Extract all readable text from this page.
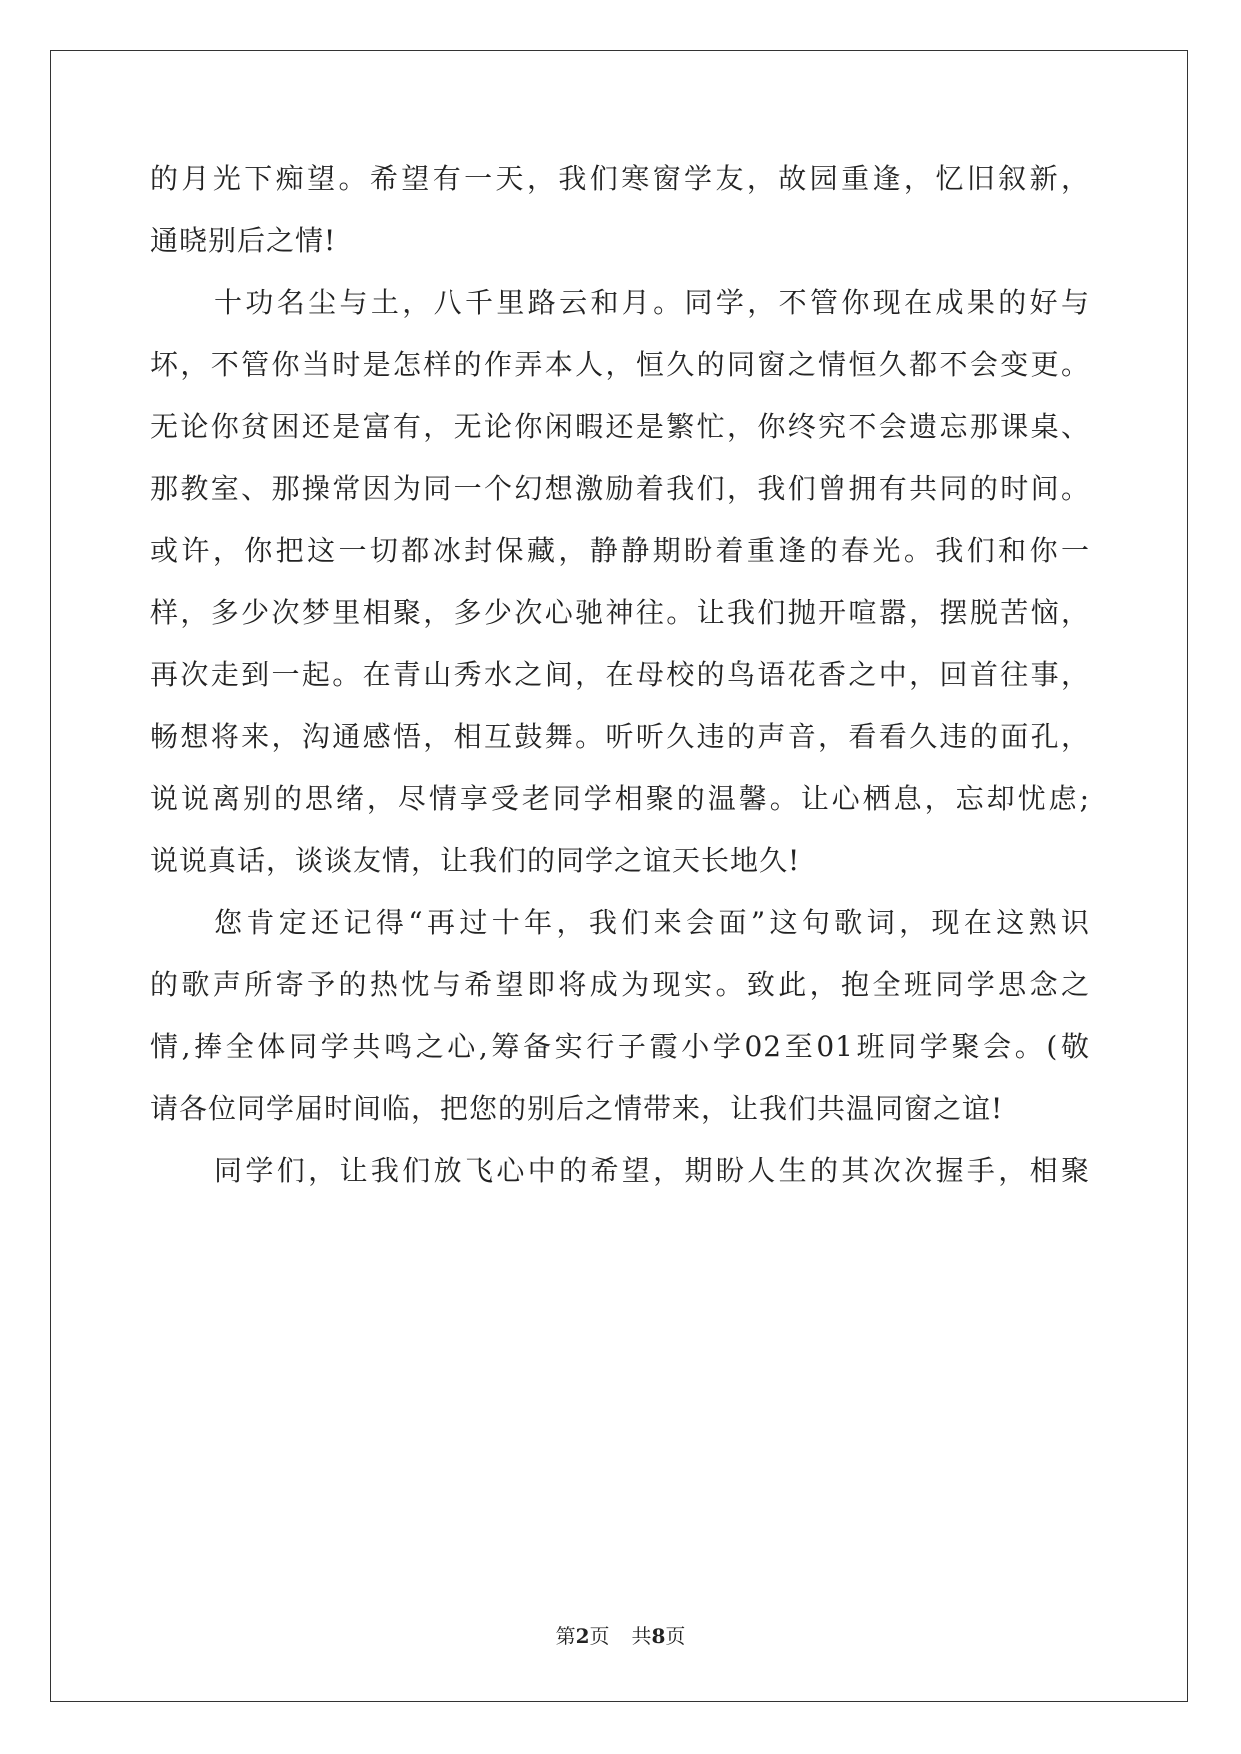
的月光下痴望。希望有一天，我们寒窗学友，故园重逢，忆旧叙新，
通晓别后之情!
十功名尘与土，八千里路云和月。同学，不管你现在成果的好与
坏，不管你当时是怎样的作弄本人，恒久的同窗之情恒久都不会变更。
无论你贫困还是富有，无论你闲暇还是繁忙，你终究不会遗忘那课桌、
那教室、那操常因为同一个幻想激励着我们，我们曾拥有共同的时间。
或许，你把这一切都冰封保藏，静静期盼着重逢的春光。我们和你一
样，多少次梦里相聚，多少次心驰神往。让我们抛开喧嚣，摆脱苦恼，
再次走到一起。在青山秀水之间，在母校的鸟语花香之中，回首往事，
畅想将来，沟通感悟，相互鼓舞。听听久违的声音，看看久违的面孔，
说说离别的思绪，尽情享受老同学相聚的温馨。让心栖息，忘却忧虑;
说说真话，谈谈友情，让我们的同学之谊天长地久!
您肯定还记得“再过十年，我们来会面”这句歌词，现在这熟识
的歌声所寄予的热忱与希望即将成为现实。致此，抱全班同学思念之
情,捧全体同学共鸣之心,筹备实行子霞小学02至01班同学聚会。(敬
请各位同学届时间临，把您的别后之情带来，让我们共温同窗之谊!
同学们，让我们放飞心中的希望，期盼人生的其次次握手，相聚
第2页 共8页
